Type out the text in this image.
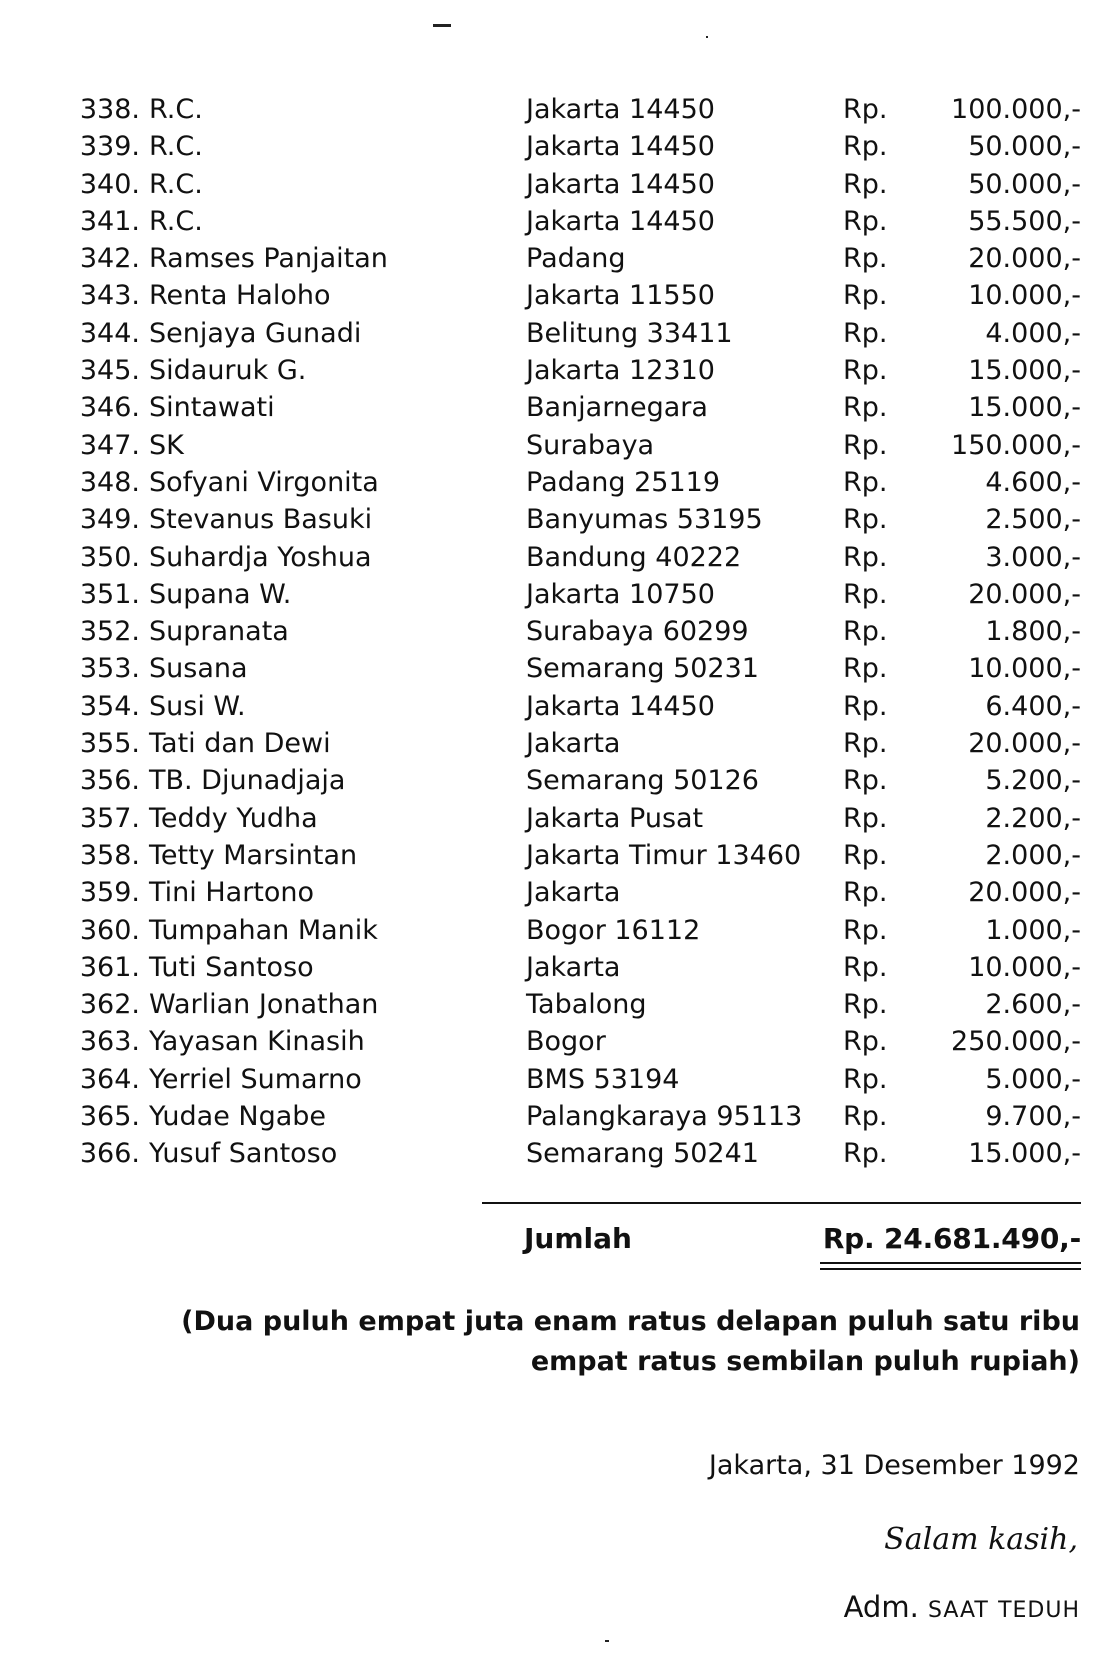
338. R.C.	Jakarta 14450	Rp.	100.000,-
339. R.C.	Jakarta 14450	Rp.	50.000,-
340. R.C.	Jakarta 14450	Rp.	50.000,-
341. R.C.	Jakarta 14450	Rp.	55.500,-
342. Ramses Panjaitan	Padang	Rp.	20.000,-
343. Renta Haloho	Jakarta 11550	Rp.	10.000,-
344. Senjaya Gunadi	Belitung 33411	Rp.	4.000,-
345. Sidauruk G.	Jakarta 12310	Rp.	15.000,-
346. Sintawati	Banjarnegara	Rp.	15.000,-
347. SK	Surabaya	Rp.	150.000,-
348. Sofyani Virgonita	Padang 25119	Rp.	4.600,-
349. Stevanus Basuki	Banyumas 53195	Rp.	2.500,-
350. Suhardja Yoshua	Bandung 40222	Rp.	3.000,-
351. Supana W.	Jakarta 10750	Rp.	20.000,-
352. Supranata	Surabaya 60299	Rp.	1.800,-
353. Susana	Semarang 50231	Rp.	10.000,-
354. Susi W.	Jakarta 14450	Rp.	6.400,-
355. Tati dan Dewi	Jakarta	Rp.	20.000,-
356. TB. Djunadjaja	Semarang 50126	Rp.	5.200,-
357. Teddy Yudha	Jakarta Pusat	Rp.	2.200,-
358. Tetty Marsintan	Jakarta Timur 13460 Rp.	2.000,-
359. Tini Hartono	Jakarta	Rp.	20.000,-
360. Tumpahan Manik	Bogor 16112	Rp.	1.000,-
361. Tuti Santoso	Jakarta	Rp.	10.000,-
362. Warlian Jonathan	Tabalong	Rp.	2.600,-
363. Yayasan Kinasih	Bogor	Rp.	250.000,-
364. Yerriel Sumarno	BMS 53194	Rp.	5.000,-
365. Yudae Ngabe	Palangkaraya 95113 Rp.	9.700,-
366. Yusuf Santoso	Semarang 50241	Rp.	15.000,-
Jumlah	Rp. 24.681.490,-
(Dua puluh empat juta enam ratus delapan puluh satu ribu
empat ratus sembilan puluh rupiah)
Jakarta, 31 Desember 1992
Salam kasih,
Adm. SAAT TEDUH
